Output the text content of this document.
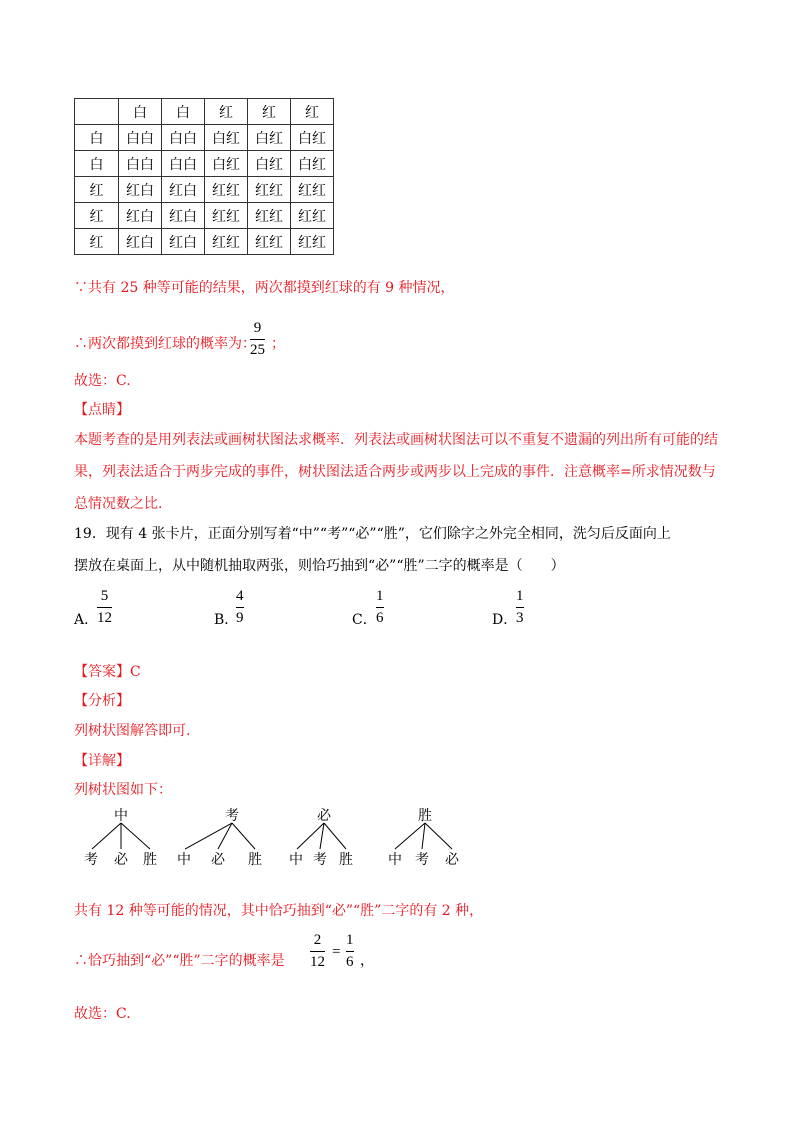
	白	白	红	红	红
白	白白	白白	白红	白红	白红
白	白白	白白	白红	白红	白红
红	红白	红白	红红	红红	红红
红	红白	红白	红红	红红	红红
红	红白	红白	红红	红红	红红
∵共有 25 种等可能的结果，两次都摸到红球的有 9 种情况，
∴两次都摸到红球的概率为：
9
25 ；
故选：C.
【点睛】
本题考查的是用列表法或画树状图法求概率．列表法或画树状图法可以不重复不遗漏的列出所有可能的结
果，列表法适合于两步完成的事件，树状图法适合两步或两步以上完成的事件．注意概率=所求情况数与
总情况数之比.
19．现有 4 张卡片，正面分别写着“中”“考”“必”“胜”，它们除字之外完全相同，洗匀后反面向上
摆放在桌面上，从中随机抽取两张，则恰巧抽到“必”“胜”二字的概率是（　　）
A．
5
12	B．
4
9	C．
1
6	D．
1
3
【答案】C
【分析】
列树状图解答即可.
【详解】
列树状图如下：
中	考	必	胜
考 必 胜 中 必 胜 中 考 胜	中 考 必
共有 12 种等可能的情况，其中恰巧抽到“必”“胜”二字的有 2 种，
∴恰巧抽到“必”“胜”二字的概率是
2
12
=
1
6 ，
故选：C.
